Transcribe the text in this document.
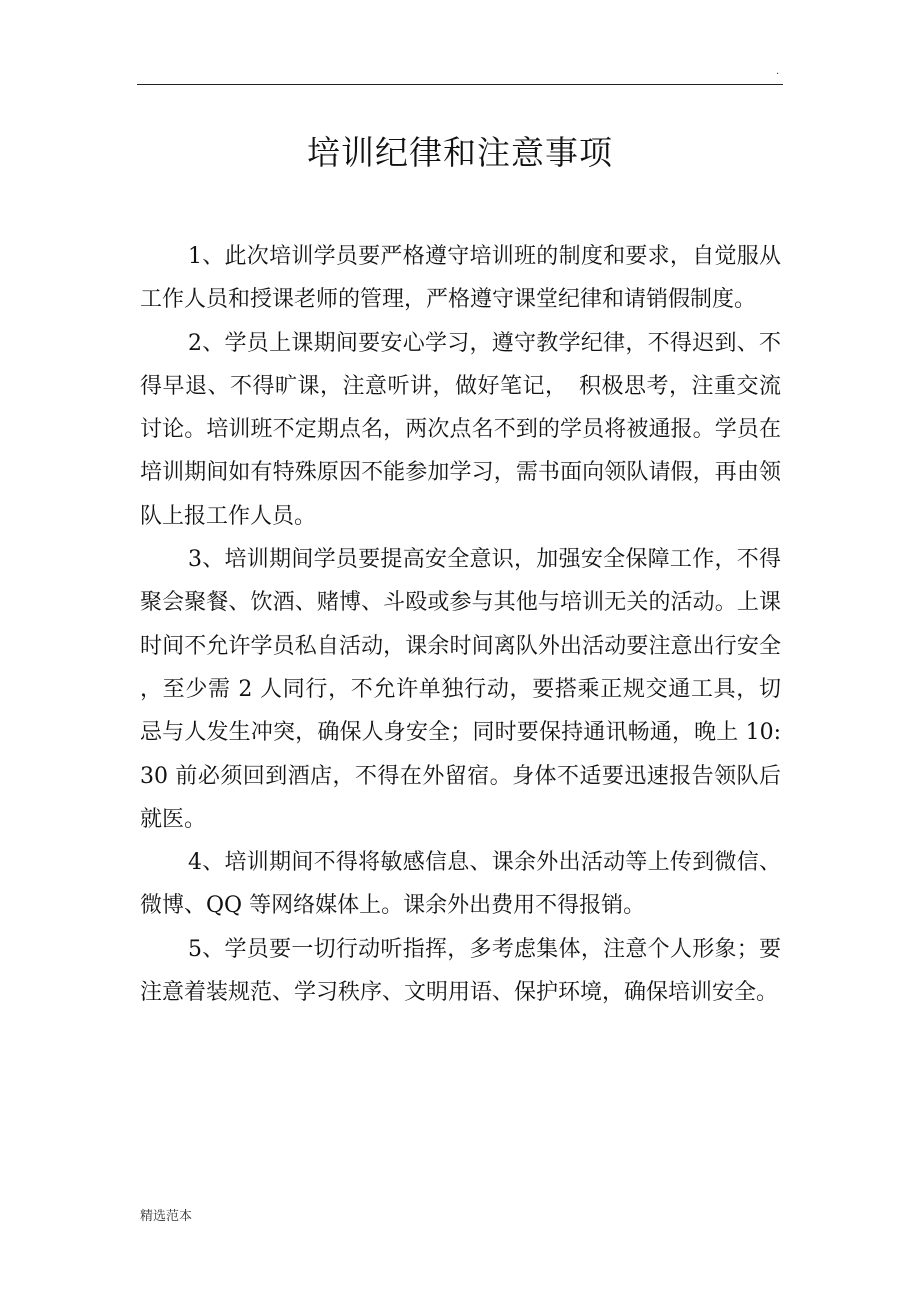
.
培训纪律和注意事项

1、此次培训学员要严格遵守培训班的制度和要求，自觉服从工作人员和授课老师的管理，严格遵守课堂纪律和请销假制度。

2、学员上课期间要安心学习，遵守教学纪律，不得迟到、不得早退、不得旷课，注意听讲，做好笔记，　积极思考，注重交流讨论。培训班不定期点名，两次点名不到的学员将被通报。学员在培训期间如有特殊原因不能参加学习，需书面向领队请假，再由领队上报工作人员。

3、培训期间学员要提高安全意识，加强安全保障工作，不得聚会聚餐、饮酒、赌博、斗殴或参与其他与培训无关的活动。上课时间不允许学员私自活动，课余时间离队外出活动要注意出行安全，至少需 2 人同行，不允许单独行动，要搭乘正规交通工具，切忌与人发生冲突，确保人身安全；同时要保持通讯畅通，晚上 10:30 前必须回到酒店，不得在外留宿。身体不适要迅速报告领队后就医。

4、培训期间不得将敏感信息、课余外出活动等上传到微信、微博、QQ 等网络媒体上。课余外出费用不得报销。

5、学员要一切行动听指挥，多考虑集体，注意个人形象；要注意着装规范、学习秩序、文明用语、保护环境，确保培训安全。

精选范本
